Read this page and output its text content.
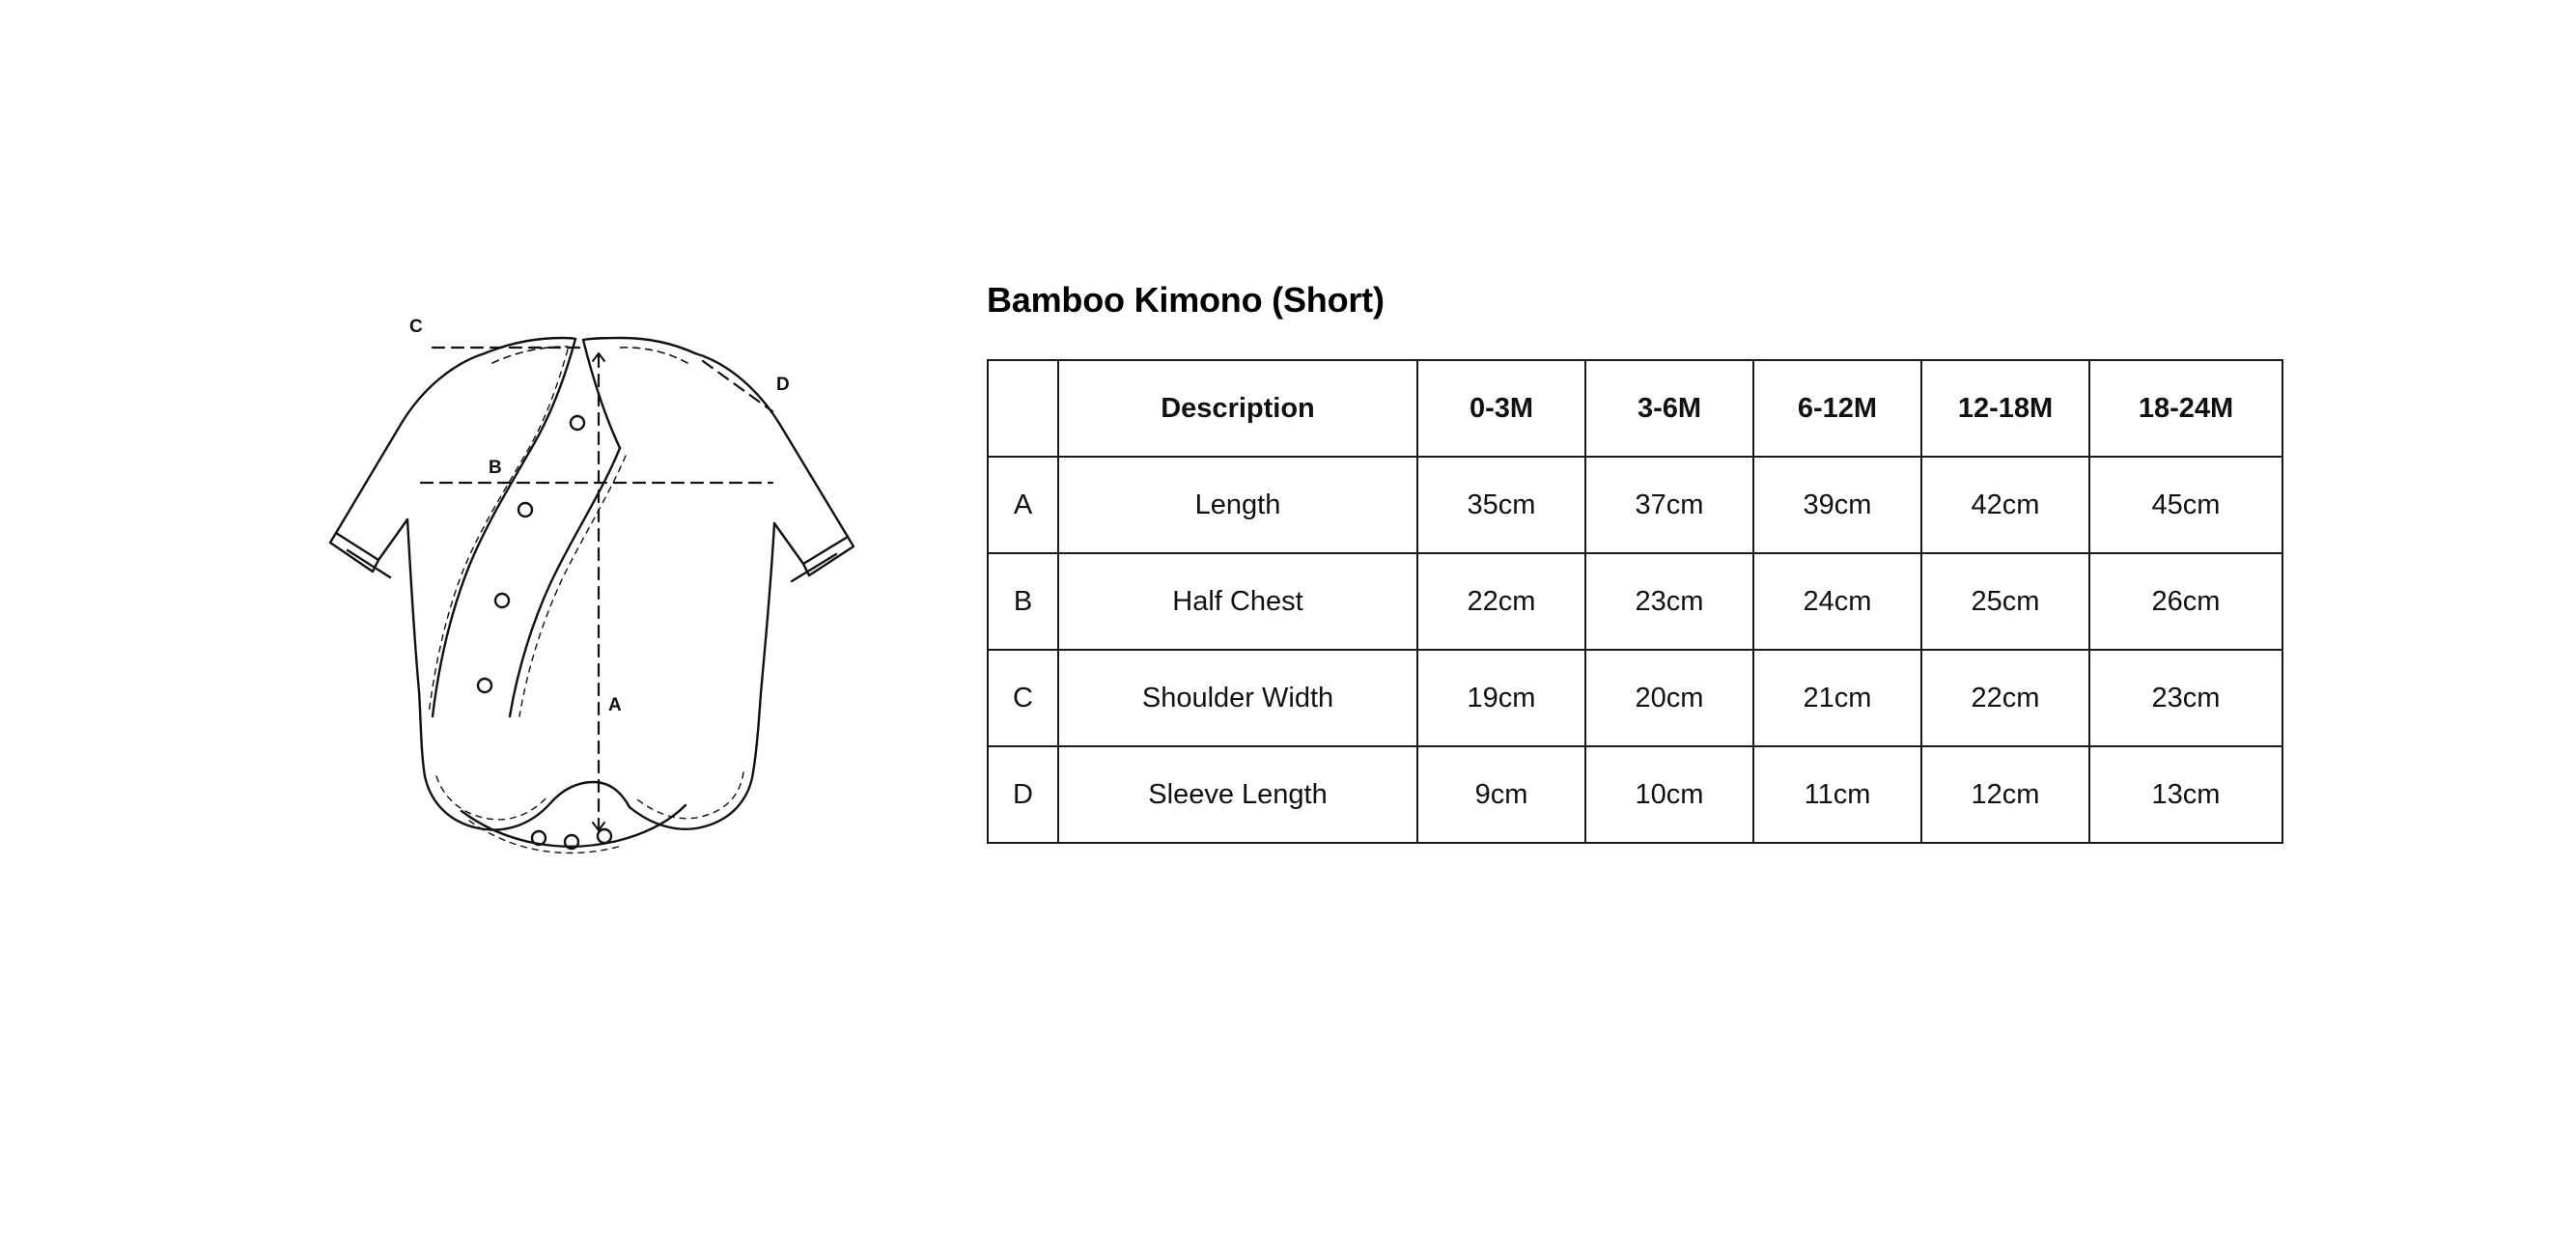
C
D
B
A
Bamboo Kimono (Short)
	Description	0-3M	3-6M	6-12M	12-18M	18-24M
A	Length	35cm	37cm	39cm	42cm	45cm
B	Half Chest	22cm	23cm	24cm	25cm	26cm
C	Shoulder Width	19cm	20cm	21cm	22cm	23cm
D	Sleeve Length	9cm	10cm	11cm	12cm	13cm
